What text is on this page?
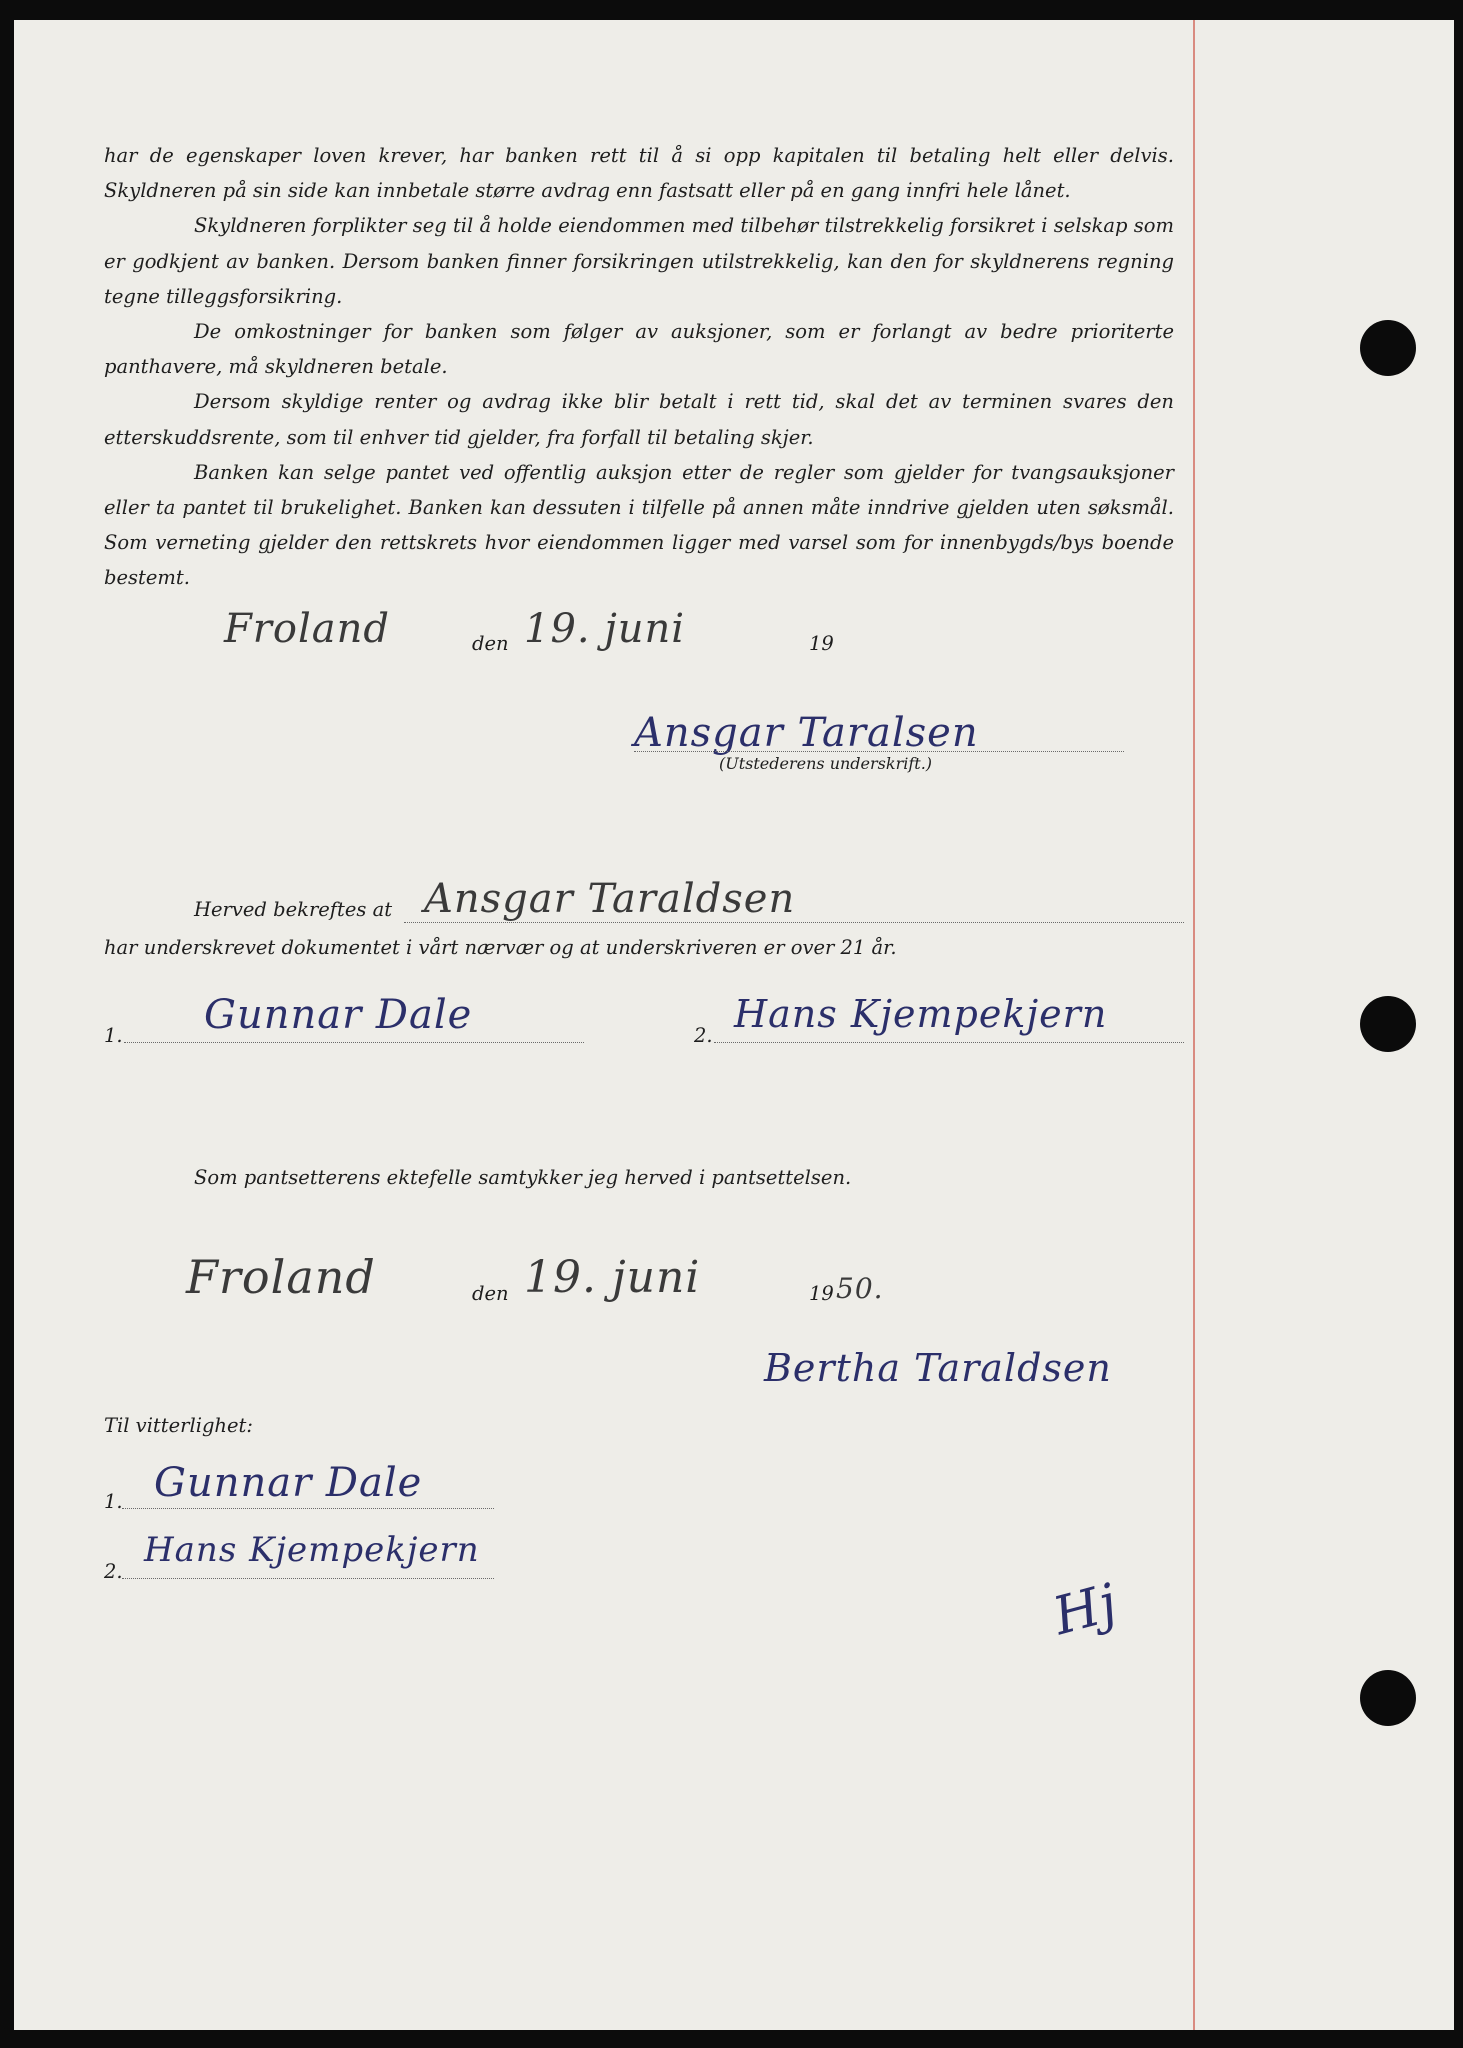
har de egenskaper loven krever, har banken rett til å si opp kapitalen til betaling helt eller delvis. Skyldneren på sin side kan innbetale større avdrag enn fastsatt eller på en gang innfri hele lånet.

Skyldneren forplikter seg til å holde eiendommen med tilbehør tilstrekkelig forsikret i selskap som er godkjent av banken. Dersom banken finner forsikringen utilstrekkelig, kan den for skyldnerens regning tegne tilleggsforsikring.

De omkostninger for banken som følger av auksjoner, som er forlangt av bedre prioriterte panthavere, må skyldneren betale.

Dersom skyldige renter og avdrag ikke blir betalt i rett tid, skal det av terminen svares den etterskuddsrente, som til enhver tid gjelder, fra forfall til betaling skjer.

Banken kan selge pantet ved offentlig auksjon etter de regler som gjelder for tvangsauksjoner eller ta pantet til brukelighet. Banken kan dessuten i tilfelle på annen måte inndrive gjelden uten søksmål. Som verneting gjelder den rettskrets hvor eiendommen ligger med varsel som for innenbygds/bys boende bestemt.

Froland	den 19. juni	19
Ansgar Taralsen
(Utstederens underskrift.)
Herved bekreftes at Ansgar Taraldsen
har underskrevet dokumentet i vårt nærvær og at underskriveren er over 21 år.
1. Gunnar Dale	2. Hans Kjempekjern
Som pantsetterens ektefelle samtykker jeg herved i pantsettelsen.
Froland	den 19. juni	19 50.
Bertha Taraldsen
Til vitterlighet:
1. Gunnar Dale
2.
Hans Kjempekjern
Hj
